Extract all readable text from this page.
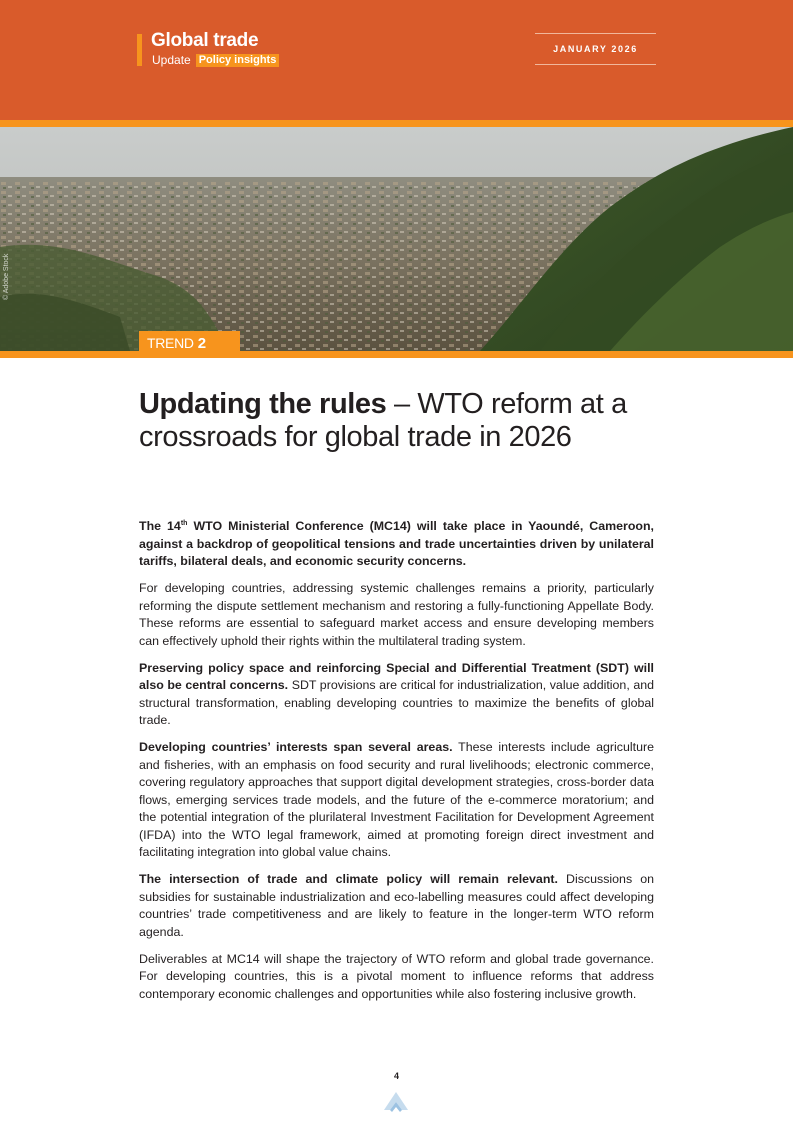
Global trade
Update Policy insights
JANUARY 2026
© Adobe Stock
TREND 2
Updating the rules – WTO reform at a crossroads for global trade in 2026

The 14th WTO Ministerial Conference (MC14) will take place in Yaoundé, Cameroon, against a backdrop of geopolitical tensions and trade uncertainties driven by unilateral tariffs, bilateral deals, and economic security concerns.

For developing countries, addressing systemic challenges remains a priority, particularly reforming the dispute settlement mechanism and restoring a fully-functioning Appellate Body. These reforms are essential to safeguard market access and ensure developing members can effectively uphold their rights within the multilateral trading system.

Preserving policy space and reinforcing Special and Differential Treatment (SDT) will also be central concerns. SDT provisions are critical for industrialization, value addition, and structural transformation, enabling developing countries to maximize the benefits of global trade.

Developing countries’ interests span several areas. These interests include agriculture and fisheries, with an emphasis on food security and rural livelihoods; electronic commerce, covering regulatory approaches that support digital development strategies, cross-border data flows, emerging services trade models, and the future of the e-commerce moratorium; and the potential integration of the plurilateral Investment Facilitation for Development Agreement (IFDA) into the WTO legal framework, aimed at promoting foreign direct investment and facilitating integration into global value chains.

The intersection of trade and climate policy will remain relevant. Discussions on subsidies for sustainable industrialization and eco-labelling measures could affect developing countries’ trade competitiveness and are likely to feature in the longer-term WTO reform agenda.

Deliverables at MC14 will shape the trajectory of WTO reform and global trade governance. For developing countries, this is a pivotal moment to influence reforms that address contemporary economic challenges and opportunities while also fostering inclusive growth.

4
